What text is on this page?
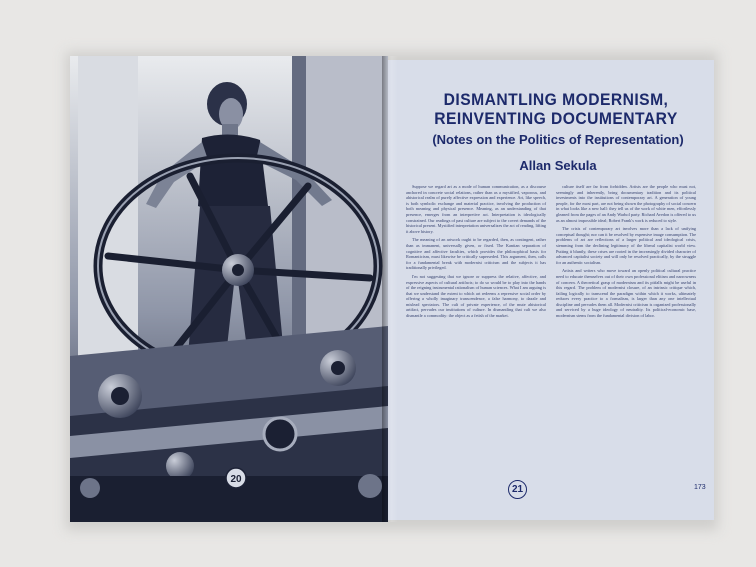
20
DISMANTLING MODERNISM,
REINVENTING DOCUMENTARY
(Notes on the Politics of Representation)
Allan Sekula

Suppose we regard art as a mode of human communication, as a discourse anchored in concrete social relations, rather than as a mystified, vaporous, and ahistorical realm of purely affective expression and experience. Art, like speech, is both symbolic exchange and material practice, involving the production of both meaning and physical presence. Meaning, as an understanding of that presence, emerges from an interpretive act. Interpretation is ideologically constrained. Our readings of past culture are subject to the covert demands of the historical present. Mystified interpretation universalizes the act of reading, lifting it above history.

The meaning of an artwork ought to be regarded, then, as contingent, rather than as immanent, universally given, or fixed. The Kantian separation of cognitive and affective faculties, which provides the philosophical basis for Romanticism, must likewise be critically superseded. This argument, then, calls for a fundamental break with modernist criticism and the subjects it has traditionally privileged.

I'm not suggesting that we ignore or suppress the relative, affective, and expressive aspects of cultural artifacts; to do so would be to play into the hands of the reigning instrumental rationalism of human sciences. What I am arguing is that we understand the extent to which art redeems a repressive social order by offering a wholly imaginary transcendence, a false harmony, to dazzle and mislead spectators. The cult of private experience, of the mute ahistorical artifact, pervades our institutions of culture. In dismantling that cult we also dismantle a commodity: the object as a fetish of the market.

culture itself are far from forbidden. Artists are the people who must not, seemingly and inherently, bring documentary tradition and its political investments into the institutions of contemporary art. A generation of young people, for the most part, are not being shown the photography of social concern in what looks like a new hall: they tell us of the work of white men, effortlessly gleaned from the pages of an Andy Warhol party. Richard Avedon is offered to us as an almost impossible ideal; Robert Frank's work is reduced to style.

The crisis of contemporary art involves more than a lack of unifying conceptual thought; nor can it be resolved by expensive image consumption. The problems of art are reflections of a larger political and ideological crisis, stemming from the declining legitimacy of the liberal capitalist world view. Putting it bluntly, these crises are rooted in the increasingly divided character of advanced capitalist society and will only be resolved practically, by the struggle for an authentic socialism.

Artists and writers who move toward an openly political cultural practice need to educate themselves out of their own professional elitism and narrowness of concern. A theoretical grasp of modernism and its pitfalls might be useful in this regard. The problem of modernist closure, of an intrinsic critique which, failing logically to transcend the paradigm within which it works, ultimately reduces every practice to a formalism, is larger than any one intellectual discipline and pervades them all. Modernist criticism is organized professionally and serviced by a huge ideology of neutrality. Its political-economic base, modernism stems from the fundamental division of labor.

21	173
